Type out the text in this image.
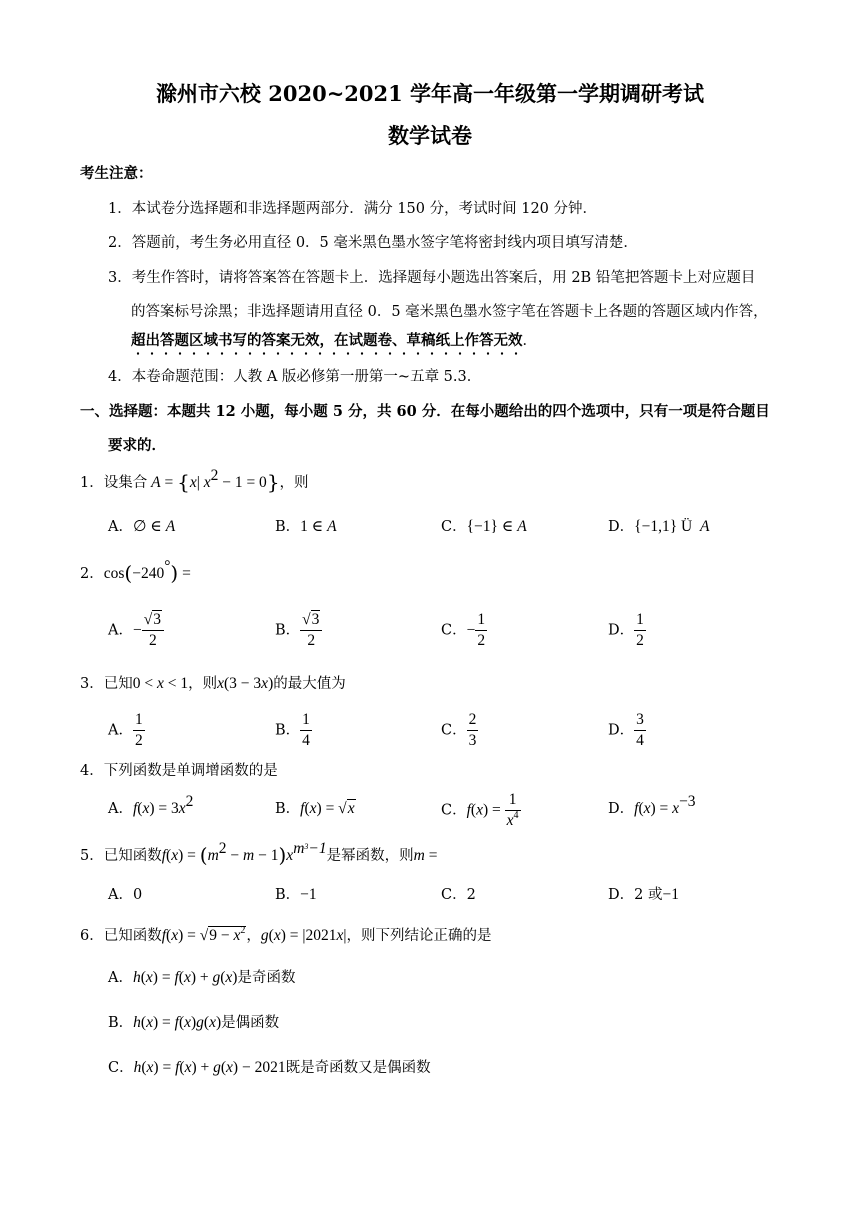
滁州市六校 2020~2021 学年高一年级第一学期调研考试
数学试卷
考生注意：
1．本试卷分选择题和非选择题两部分．满分 150 分，考试时间 120 分钟．
2．答题前，考生务必用直径 0．5 毫米黑色墨水签字笔将密封线内项目填写清楚．
3．考生作答时，请将答案答在答题卡上．选择题每小题选出答案后，用 2B 铅笔把答题卡上对应题目
的答案标号涂黑；非选择题请用直径 0．5 毫米黑色墨水签字笔在答题卡上各题的答题区域内作答，
超出答题区域书写的答案无效，在试题卷、草稿纸上作答无效．
4．本卷命题范围：人教 A 版必修第一册第一~五章 5.3．
一、选择题：本题共 12 小题，每小题 5 分，共 60 分．在每小题给出的四个选项中，只有一项是符合题目
要求的．
1．设集合 A = {x| $x^2 - 1 = 0$}，则
A．∅ ∈ A	B．1 ∈ A	C．{−1} ∈ A	D．{−1,1} Ü  A
2．cos(−240°) =
A．− $\frac{√3}{2}$	B． $\frac{√3}{2}$	C．− $\frac{1}{2}$	D． $\frac{1}{2}$
3．已知0 < x < 1，则x(3 − 3x)的最大值为
A． $\frac{1}{2}$	B． $\frac{1}{4}$	C． $\frac{2}{3}$	D． $\frac{3}{4}$
4．下列函数是单调增函数的是
A．$f(x) = 3x^2$	B．f(x) = √x	C．$f(x) = \frac{1}{x^4}$	D．$f(x) = x^{-3}$
5．已知函数$f(x) = (m^2 - m - 1)x^{m^3-1}$是幂函数，则m =
A．0	B．−1	C．2	D．2 或−1
6．已知函数$f(x) = √9 - x^2$，g(x) = |2021x|，则下列结论正确的是
A．h(x) = f(x) + g(x)是奇函数
B．h(x) = f(x)g(x)是偶函数
C．h(x) = f(x) + g(x) − 2021既是奇函数又是偶函数
